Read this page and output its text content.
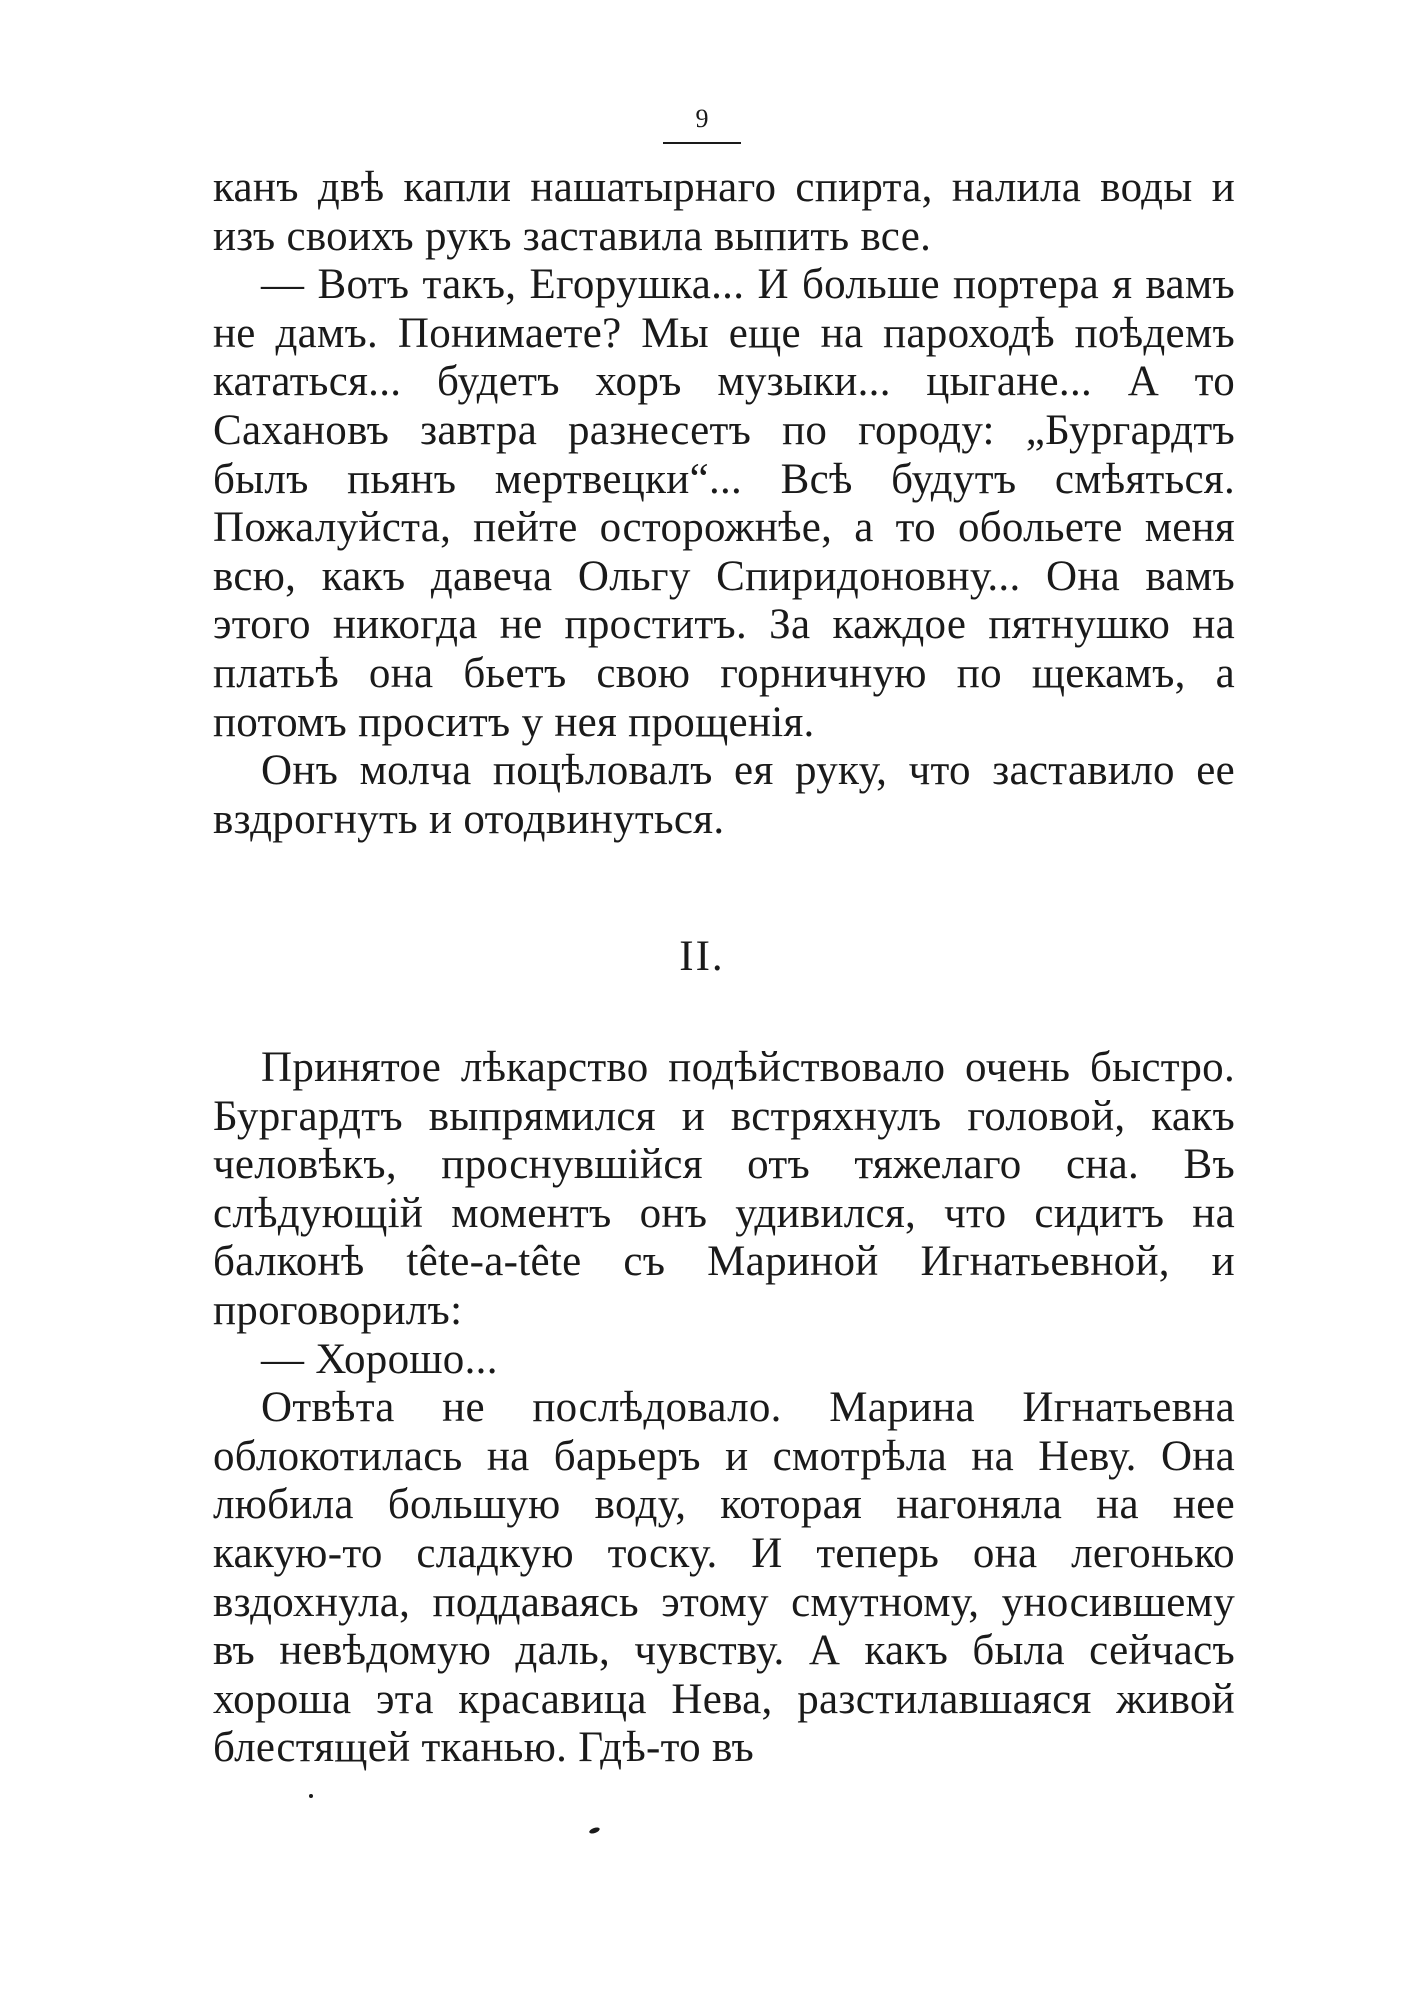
9

канъ двѣ капли нашатырнаго спирта, налила воды и изъ своихъ рукъ заставила выпить все.

— Вотъ такъ, Егорушка... И больше портера я вамъ не дамъ. Понимаете? Мы еще на пароходѣ поѣдемъ кататься... будетъ хоръ музыки... цыгане... А то Сахановъ завтра разнесетъ по городу: „Бургардтъ былъ пьянъ мертвецки“... Всѣ будутъ смѣяться. Пожалуйста, пейте осторожнѣе, а то обольете меня всю, какъ давеча Ольгу Спиридоновну... Она вамъ этого никогда не проститъ. За каждое пятнушко на платьѣ она бьетъ свою горничную по щекамъ, а потомъ проситъ у нея прощенія.

Онъ молча поцѣловалъ ея руку, что заставило ее вздрогнуть и отодвинуться.

II.

Принятое лѣкарство подѣйствовало очень быстро. Бургардтъ выпрямился и встряхнулъ головой, какъ человѣкъ, проснувшійся отъ тяжелаго сна. Въ слѣдующій моментъ онъ удивился, что сидитъ на балконѣ tête-a-tête съ Мариной Игнатьевной, и проговорилъ:

— Хорошо...

Отвѣта не послѣдовало. Марина Игнатьевна облокотилась на барьеръ и смотрѣла на Неву. Она любила большую воду, которая нагоняла на нее какую-то сладкую тоску. И теперь она легонько вздохнула, поддаваясь этому смутному, уносившему въ невѣдомую даль, чувству. А какъ была сейчасъ хороша эта красавица Нева, разстилавшаяся живой блестящей тканью. Гдѣ-то въ
